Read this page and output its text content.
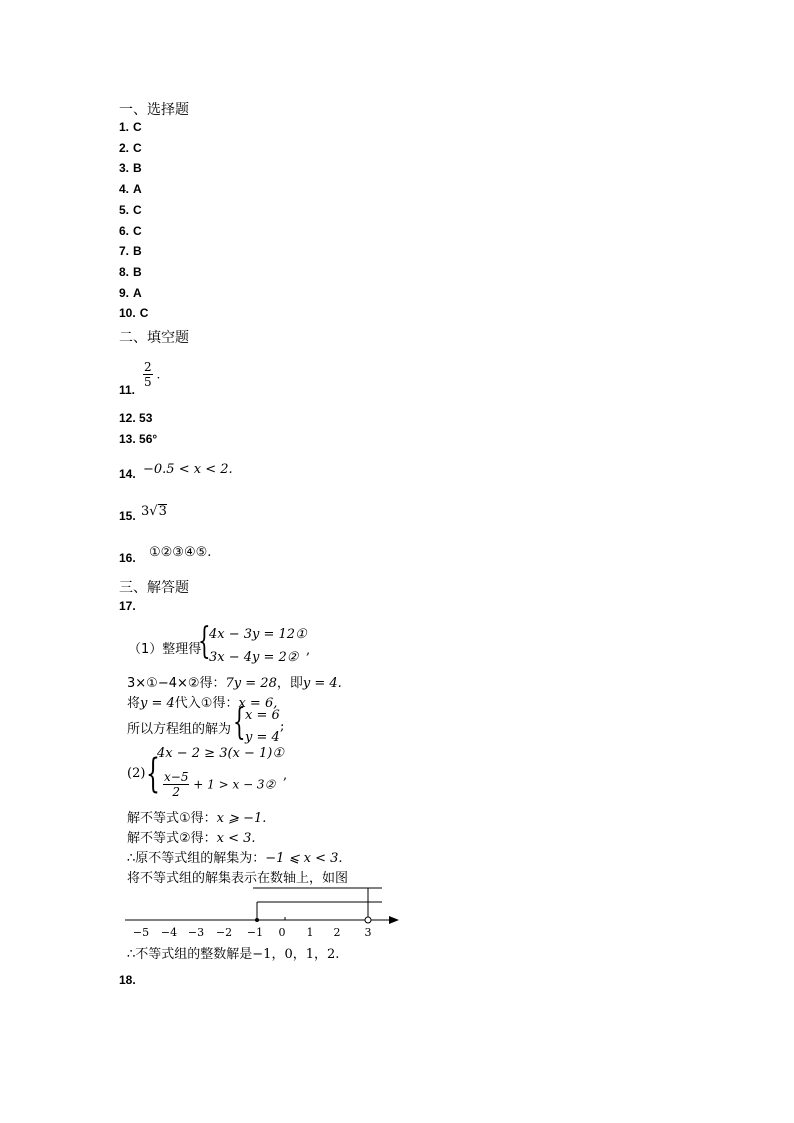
一、选择题
1. C
2. C
3. B
4. A
5. C
6. C
7. B
8. B
9. A
10. C
二、填空题
11.
$\frac{2}{5}$ .
12. 53
13. 56°
14. −0.5 < x < 2.
15. 3√3
16. ①②③④⑤.
三、解答题
17.
（1）整理得
{
4x − 3y = 12①
3x − 4y = 2② ,
3×①−4×②得：7y = 28，即y = 4.
将y = 4代入①得：x = 6,
所以方程组的解为 { x = 6
y = 4
;
(2) {
4x − 2 ≥ 3(x − 1)①
$\frac{x-5}{2} + 1 > x$ − 3②
,
解不等式①得：x ⩾ −1.
解不等式②得：x < 3.
∴原不等式组的解集为：−1 ⩽ x < 3.
将不等式组的解集表示在数轴上，如图
−5 −4 −3 −2 −1 0 1 2 3
∴不等式组的整数解是−1，0，1，2.
18.
